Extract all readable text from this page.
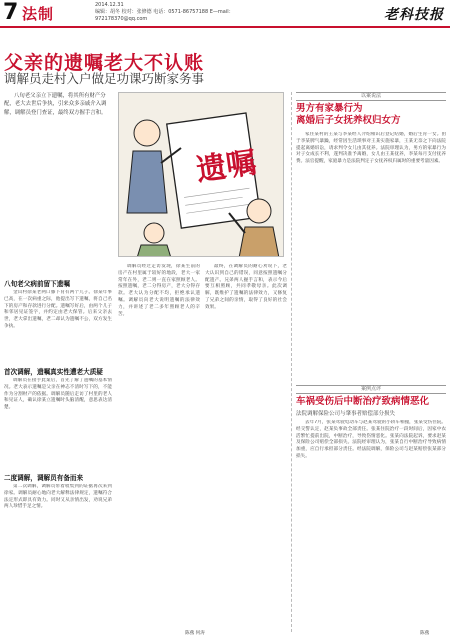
7 法制	2014.12.31
编辑：胡冬 校对：张修德 电话：0571-86757188 E—mail：972178370@qq.com	老科技报
父亲的遗嘱老大不认账
调解员走村入户做足功课巧断家务事

八旬老父亲立下遗嘱，将其所有财产分配，老大去世后争执，引来众多亲戚介入调解，调解员登门查证，最终双方握手言和。

遗嘱
八旬老父病前留下遗嘱

金山村徐某老两口膝下育有两个儿子。徐某年事已高，在一次病重之际，他提出写下遗嘱，将自己名下的房产和存款进行分配。遗嘱写好后，由两个儿子和邻居见证签字，并约定由老大保管。后来父亲去世，老大拿出遗嘱，老二却认为遗嘱不公，双方发生争执。

首次调解，遗嘱真实性遭老大质疑

调解员在接手此案后，首先了解了遗嘱的基本情况。老大表示遗嘱是父亲在神志不清时写下的，不能作为分割财产的依据。调解员随后走访了村里的老人和见证人，确认徐某立遗嘱时头脑清醒，意思表达清楚。

二度调解，调解员有备而来

第二次调解，调解员带着收集到的证据再次来到徐家。调解员耐心地向老大解释法律规定，遗嘱符合法定形式即具有效力。同时又从亲情出发，劝说兄弟两人珍惜手足之情。

调解员经过走访发现，徐某生前的房产在村里属于较好的地段，老大一家常年在外，老二则一直在家照顾老人。按照遗嘱，老二分得房产，老大分得存款。老大认为分配不均，拒绝承认遗嘱。调解员向老大说明遗嘱的法律效力，并讲述了老二多年照顾老人的辛苦。

最终，在调解员的耐心劝说下，老大认识到自己的错误，同意按照遗嘱分配遗产。兄弟两人握手言和，表示今后要互相照顾，共同孝敬母亲。此次调解，既维护了遗嘱的法律效力，又修复了兄弟之间的亲情，取得了良好的社会效果。

陈燕 何涛
以案说法
男方有家暴行为
离婚后子女抚养权归女方

家住某村的王某与李某经人介绍相识后登记结婚，婚后生育一女。由于李某脾气暴躁，经常因生活琐事对王某实施家暴，王某无奈之下向法院提起离婚诉讼，请求判令女儿由其抚养。法院审理认为，男方的家暴行为对子女成长不利，遂判决准予离婚，女儿由王某抚养，李某每月支付抚养费。法官提醒，家庭暴力是法院判定子女抚养权归属时的重要考量因素。

案例点评
车祸受伤后中断治疗致病情恶化
法院调解保险公司与肇事者赔偿部分损失

去年7月，张某驾驶电动车与赵某驾驶的小轿车相撞，张某受伤住院。经交警认定，赵某负事故全部责任。张某住院治疗一段时间后，因家中农活繁忙提前出院，中断治疗，导致伤情恶化。张某向法院起诉，要求赵某及保险公司赔偿全部损失。法院经审理认为，张某自行中断治疗导致病情加重，应自行承担部分责任。经法院调解，保险公司与赵某赔偿张某部分损失。

陈燕
